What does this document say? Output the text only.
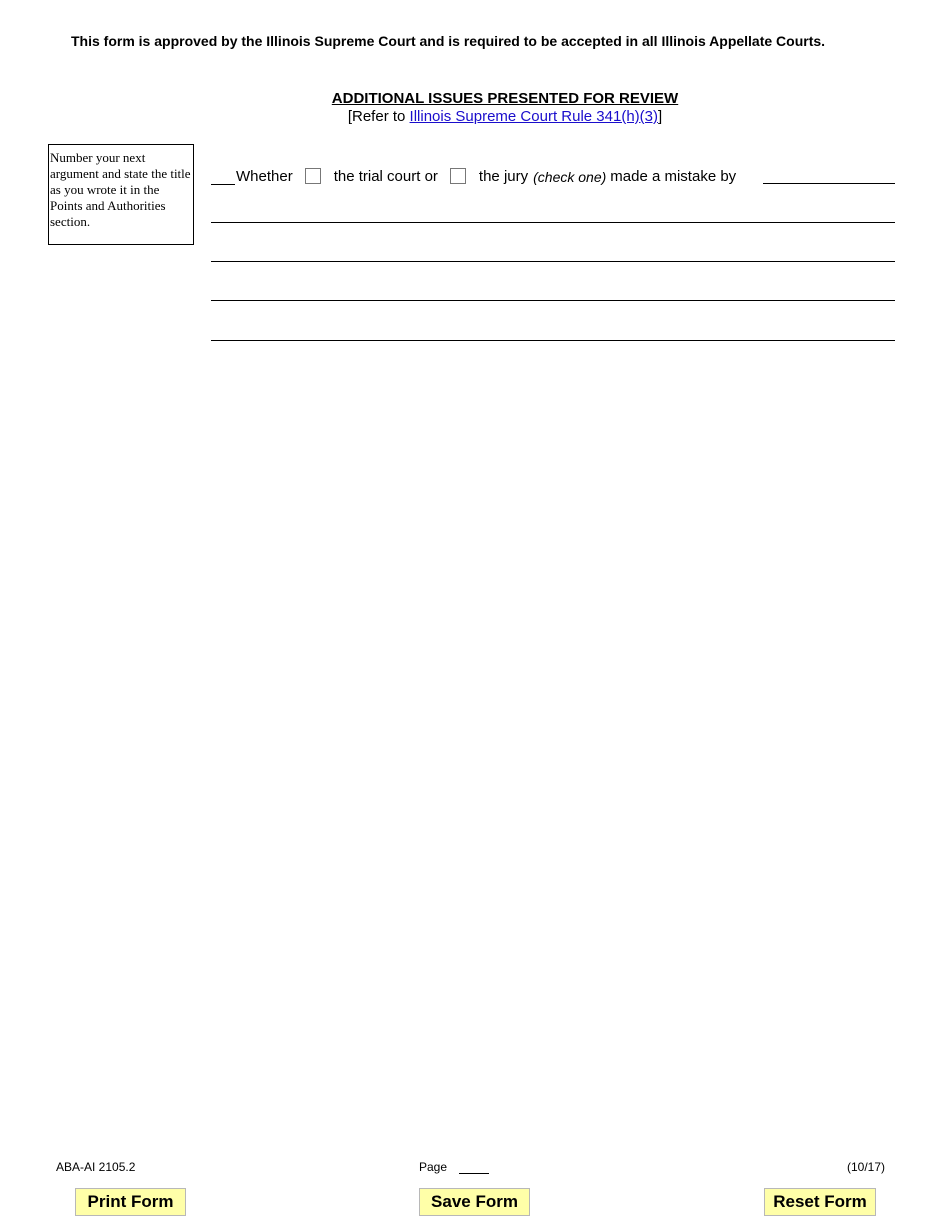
This form is approved by the Illinois Supreme Court and is required to be accepted in all Illinois Appellate Courts.
ADDITIONAL ISSUES PRESENTED FOR REVIEW
[Refer to Illinois Supreme Court Rule 341(h)(3)]
Number your next argument and state the title as you wrote it in the Points and Authorities section.
Whether	the trial court or	the jury (check one) made a mistake by
ABA-AI 2105.2	Page	(10/17)
Print Form	Save Form	Reset Form
